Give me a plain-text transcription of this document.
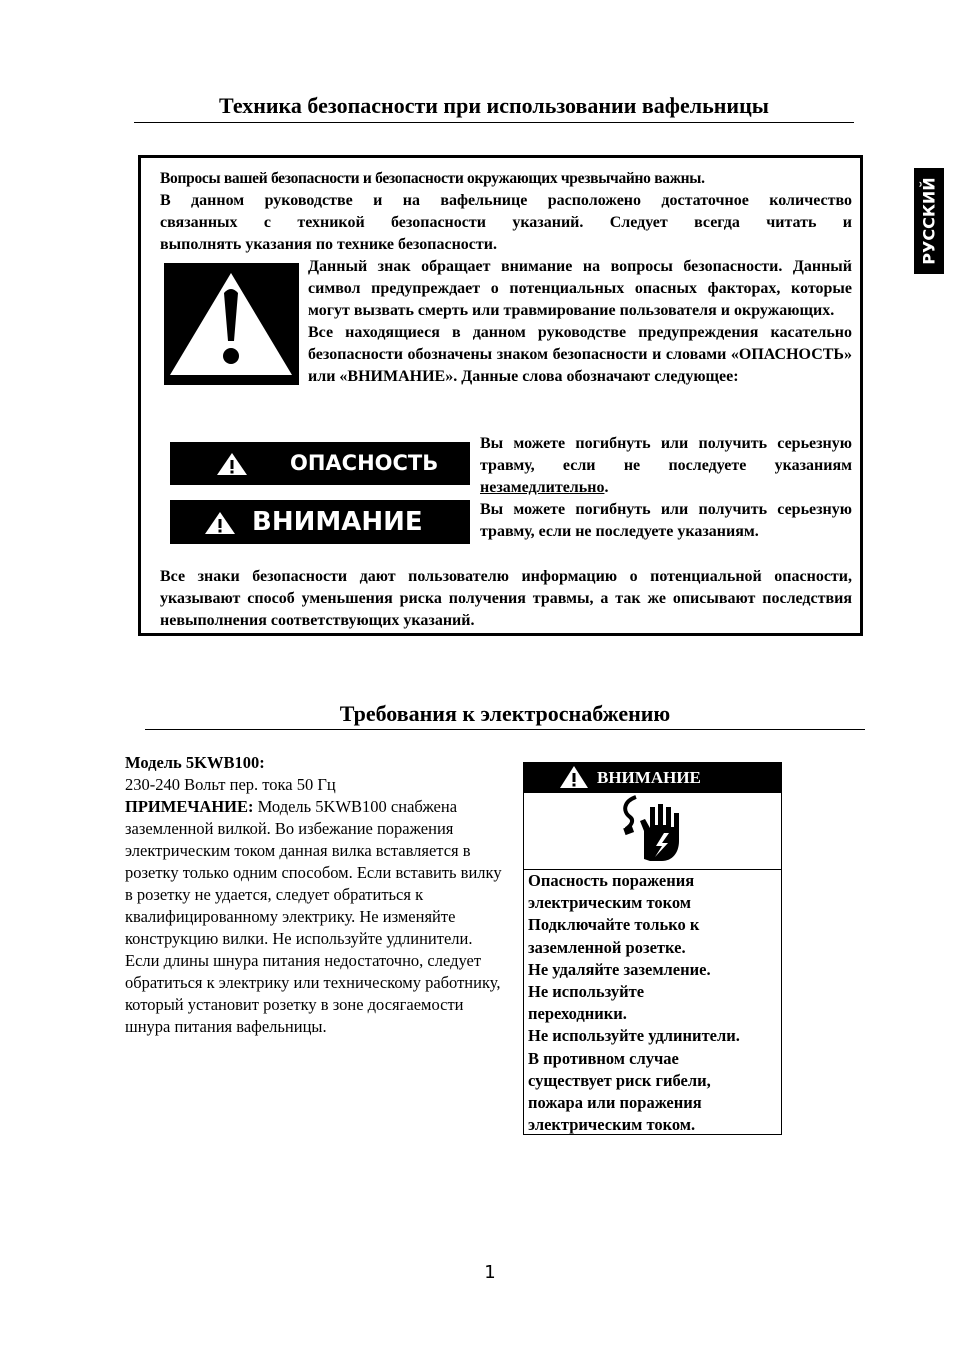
Техника безопасности при использовании вафельницы
РУССКИЙ
Вопросы вашей безопасности и безопасности окружающих чрезвычайно важны.
В данном руководстве и на вафельнице расположено достаточное количество
связанных с техникой безопасности указаний. Следует всегда читать и
выполнять указания по технике безопасности.
Данный знак обращает внимание на вопросы безопасности. Данный символ предупреждает о потенциальных опасных факторах, которые могут вызвать смерть или травмирование пользователя и окружающих.
Все находящиеся в данном руководстве предупреждения касательно безопасности обозначены знаком безопасности и словами «ОПАСНОСТЬ» или «ВНИМАНИЕ». Данные слова обозначают следующее:
ОПАСНОСТЬ
Вы можете погибнуть или получить серьезную травму, если не последуете указаниям незамедлительно.
ВНИМАНИЕ	Вы можете погибнуть или получить серьезную травму, если не последуете указаниям.
Все знаки безопасности дают пользователю информацию о потенциальной опасности, указывают способ уменьшения риска получения травмы, а так же описывают последствия невыполнения соответствующих указаний.
Требования к электроснабжению
Модель 5KWB100:
230-240 Вольт пер. тока 50 Гц
ПРИМЕЧАНИЕ: Модель 5KWB100 снабжена заземленной вилкой. Во избежание поражения электрическим током данная вилка вставляется в розетку только одним способом. Если вставить вилку в розетку не удается, следует обратиться к квалифицированному электрику. Не изменяйте конструкцию вилки. Не используйте удлинители. Если длины шнура питания недостаточно, следует обратиться к электрику или техническому работнику, который установит розетку в зоне досягаемости шнура питания вафельницы.
ВНИМАНИЕ
Опасность поражения
электрическим током
Подключайте только к
заземленной розетке.
Не удаляйте заземление.
Не используйте
переходники.
Не используйте удлинители.
В противном случае
существует риск гибели,
пожара или поражения
электрическим током.
1
